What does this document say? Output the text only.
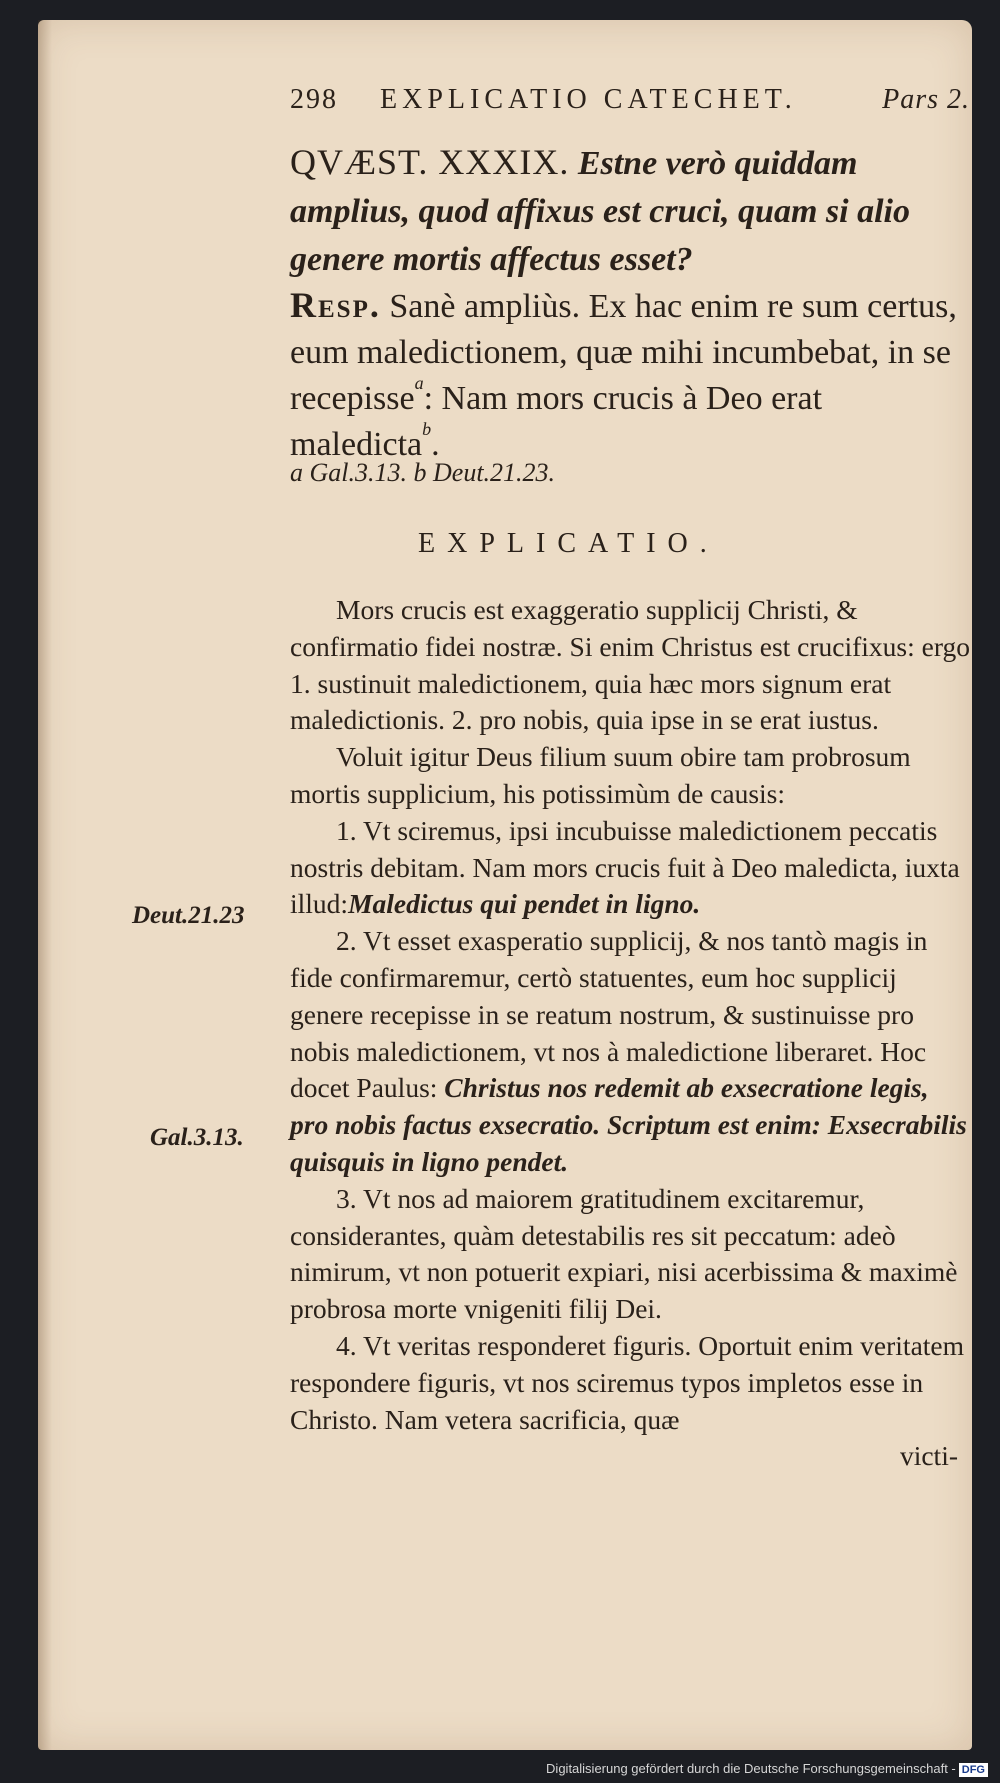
298 EXPLICATIO CATECHET.	Pars 2.
QVÆST. XXXIX. Estne verò quiddam amplius, quod affixus est cruci, quam si alio genere mortis affectus esset?
Resp. Sanè ampliùs. Ex hac enim re sum certus, eum maledictionem, quæ mihi incumbebat, in se recepisse$^a$: Nam mors crucis à Deo erat maledicta$^b$.
a Gal.3.13. b Deut.21.23.
EXPLICATIO.

Mors crucis est exaggeratio supplicij Christi, & confirmatio fidei nostræ. Si enim Christus est crucifixus: ergo 1. sustinuit maledictionem, quia hæc mors signum erat maledictionis. 2. pro nobis, quia ipse in se erat iustus.

Voluit igitur Deus filium suum obire tam probrosum mortis supplicium, his potissimùm de causis:

1. Vt sciremus, ipsi incubuisse maledictionem peccatis nostris debitam. Nam mors crucis fuit à Deo maledicta, iuxta illud:Maledictus qui pendet in ligno.

2. Vt esset exasperatio supplicij, & nos tantò magis in fide confirmaremur, certò statuentes, eum hoc supplicij genere recepisse in se reatum nostrum, & sustinuisse pro nobis maledictionem, vt nos à maledictione liberaret. Hoc docet Paulus: Christus nos redemit ab exsecratione legis, pro nobis factus exsecratio. Scriptum est enim: Exsecrabilis quisquis in ligno pendet.

3. Vt nos ad maiorem gratitudinem excitaremur, considerantes, quàm detestabilis res sit peccatum: adeò nimirum, vt non potuerit expiari, nisi acerbissima & maximè probrosa morte vnigeniti filij Dei.

4. Vt veritas responderet figuris. Oportuit enim veritatem respondere figuris, vt nos sciremus typos impletos esse in Christo. Nam vetera sacrificia, quæ

victi-

Deut.21.23
Gal.3.13.
Digitalisierung gefördert durch die Deutsche Forschungsgemeinschaft - DFG
